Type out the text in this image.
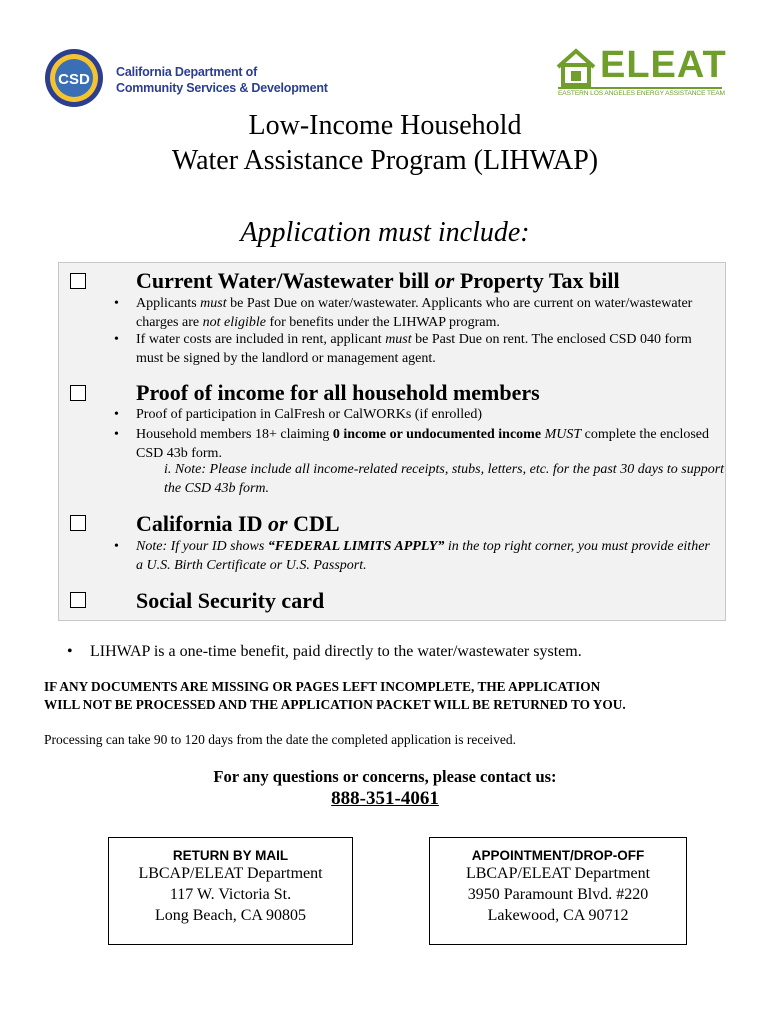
CSD California Department of
Community Services & Development
ELEAT
EASTERN LOS ANGELES ENERGY ASSISTANCE TEAM
Low-Income Household
Water Assistance Program (LIHWAP)
Application must include:
Current Water/Wastewater bill or Property Tax bill
• Applicants must be Past Due on water/wastewater. Applicants who are current on water/wastewater charges are not eligible for benefits under the LIHWAP program.
• If water costs are included in rent, applicant must be Past Due on rent. The enclosed CSD 040 form must be signed by the landlord or management agent.
Proof of income for all household members
• Proof of participation in CalFresh or CalWORKs (if enrolled)
• Household members 18+ claiming 0 income or undocumented income MUST complete the enclosed CSD 43b form.
i. Note: Please include all income-related receipts, stubs, letters, etc. for the past 30 days to support the CSD 43b form.
California ID or CDL
• Note: If your ID shows “FEDERAL LIMITS APPLY” in the top right corner, you must provide either a U.S. Birth Certificate or U.S. Passport.
Social Security card
• LIHWAP is a one-time benefit, paid directly to the water/wastewater system.
IF ANY DOCUMENTS ARE MISSING OR PAGES LEFT INCOMPLETE, THE APPLICATION
WILL NOT BE PROCESSED AND THE APPLICATION PACKET WILL BE RETURNED TO YOU.
Processing can take 90 to 120 days from the date the completed application is received.
For any questions or concerns, please contact us:
888-351-4061
RETURN BY MAIL
LBCAP/ELEAT Department
117 W. Victoria St.
Long Beach, CA 90805
APPOINTMENT/DROP-OFF
LBCAP/ELEAT Department
3950 Paramount Blvd. #220
Lakewood, CA 90712
